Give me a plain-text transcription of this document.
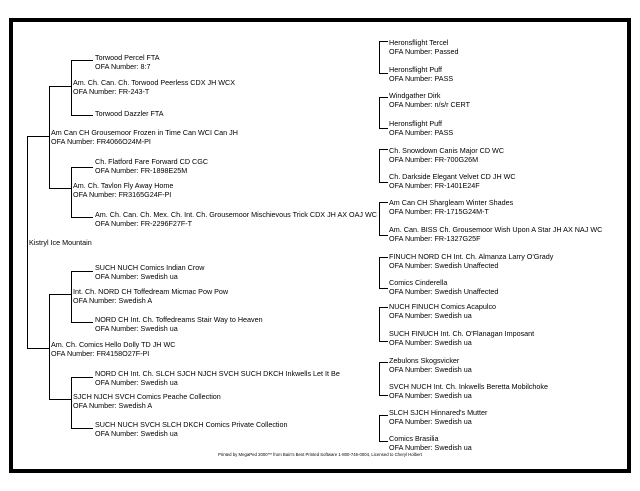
Kistryl Ice Mountain
Am Can CH Grousemoor Frozen in Time Can WCI Can JH
OFA Number: FR4066O24M-PI
Am. Ch. Comics Hello Dolly TD JH WC
OFA Number: FR4158O27F-PI
Am. Ch. Can. Ch. Torwood Peerless CDX JH WCX
OFA Number: FR-243-T
Am. Ch. Tavlon Fly Away Home
OFA Number: FR3165G24F-PI
Int. Ch. NORD CH Toffedream Micmac Pow Pow
OFA Number: Swedish A
SJCH NJCH SVCH Comics Peache Collection
OFA Number: Swedish A
Torwood Percel FTA
OFA Number: 8:7
Torwood Dazzler FTA
Ch. Flatford Fare Forward CD CGC
OFA Number: FR-1898E25M
Am. Ch. Can. Ch. Mex. Ch. Int. Ch. Grousemoor Mischievous Trick CDX JH AX OAJ WC
OFA Number: FR-2296F27F-T
SUCH NUCH Comics Indian Crow
OFA Number: Swedish ua
NORD CH Int. Ch. Toffedreams Stair Way to Heaven
OFA Number: Swedish ua
NORD CH Int. Ch. SLCH SJCH NJCH SVCH SUCH DKCH Inkwells Let It Be
OFA Number: Swedish ua
SUCH NUCH SVCH SLCH DKCH Comics Private Collection
OFA Number: Swedish ua
Heronsflight Tercel
OFA Number: Passed
Heronsflight Puff
OFA Number: PASS
Windgather Dirk
OFA Number: n/s/r CERT
Heronsflight Puff
OFA Number: PASS
Ch. Snowdown Canis Major CD WC
OFA Number: FR-700G26M
Ch. Darkside Elegant Velvet CD JH WC
OFA Number: FR-1401E24F
Am Can CH Shargleam Winter Shades
OFA Number: FR-1715G24M-T
Am. Can. BISS Ch. Grousemoor Wish Upon A Star JH AX NAJ WC
OFA Number: FR-1327G25F
FINUCH NORD CH Int. Ch. Almanza Larry O'Grady
OFA Number: Swedish Unaffected
Comics Cinderella
OFA Number: Swedish Unaffected
NUCH FINUCH Comics Acapulco
OFA Number: Swedish ua
SUCH FINUCH Int. Ch. O'Flanagan Imposant
OFA Number: Swedish ua
Zebulons Skogsvicker
OFA Number: Swedish ua
SVCH NUCH Int. Ch. Inkwells Beretta Mobilchoke
OFA Number: Swedish ua
SLCH SJCH Hinnared's Mutter
OFA Number: Swedish ua
Comics Brasilia
OFA Number: Swedish ua
Printed by MegaPed 2000™ from Bain's Best Printed Software 1-800-746-0004, Licensed to Cheryl Holbert
